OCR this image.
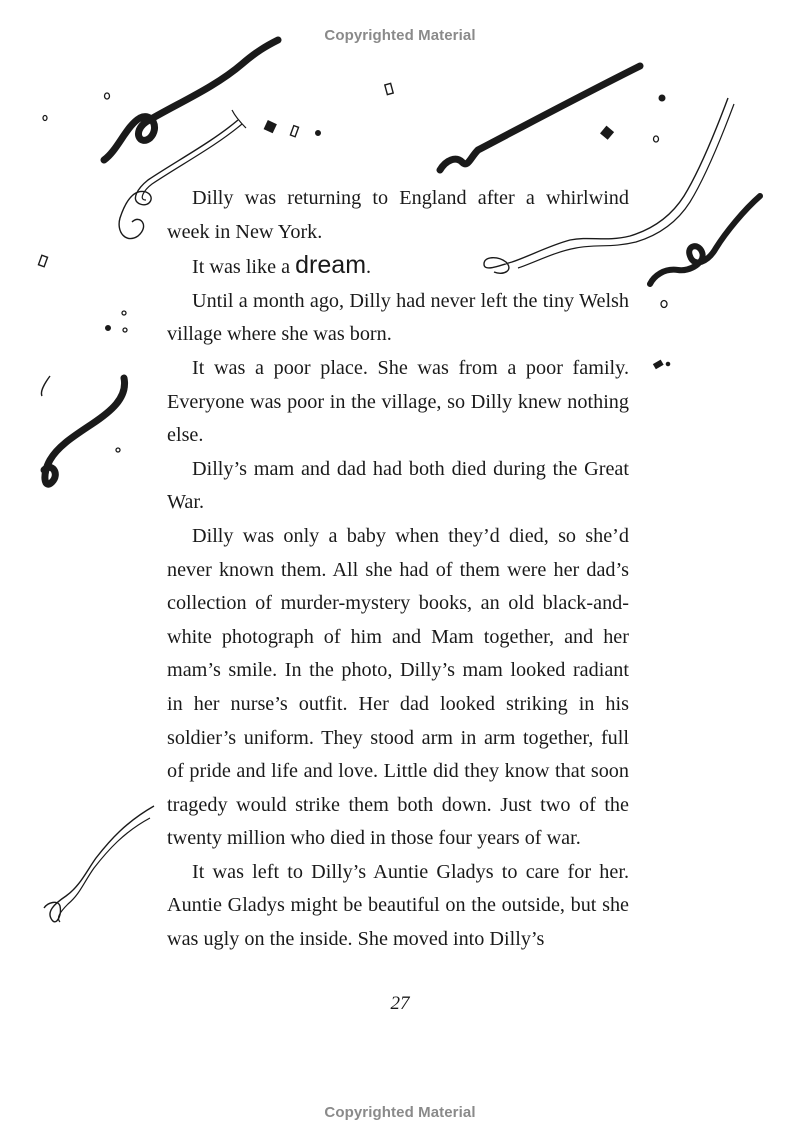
Copyrighted Material

Dilly was returning to England after a whirlwind week in New York.

It was like a dream.

Until a month ago, Dilly had never left the tiny Welsh village where she was born.

It was a poor place. She was from a poor family. Everyone was poor in the village, so Dilly knew nothing else.

Dilly’s mam and dad had both died during the Great War.

Dilly was only a baby when they’d died, so she’d never known them. All she had of them were her dad’s collection of murder-mystery books, an old black-and-white photograph of him and Mam together, and her mam’s smile. In the photo, Dilly’s mam looked radiant in her nurse’s outfit. Her dad looked striking in his soldier’s uniform. They stood arm in arm together, full of pride and life and love. Little did they know that soon tragedy would strike them both down. Just two of the twenty million who died in those four years of war.

It was left to Dilly’s Auntie Gladys to care for her. Auntie Gladys might be beautiful on the outside, but she was ugly on the inside. She moved into Dilly’s

27
Copyrighted Material
